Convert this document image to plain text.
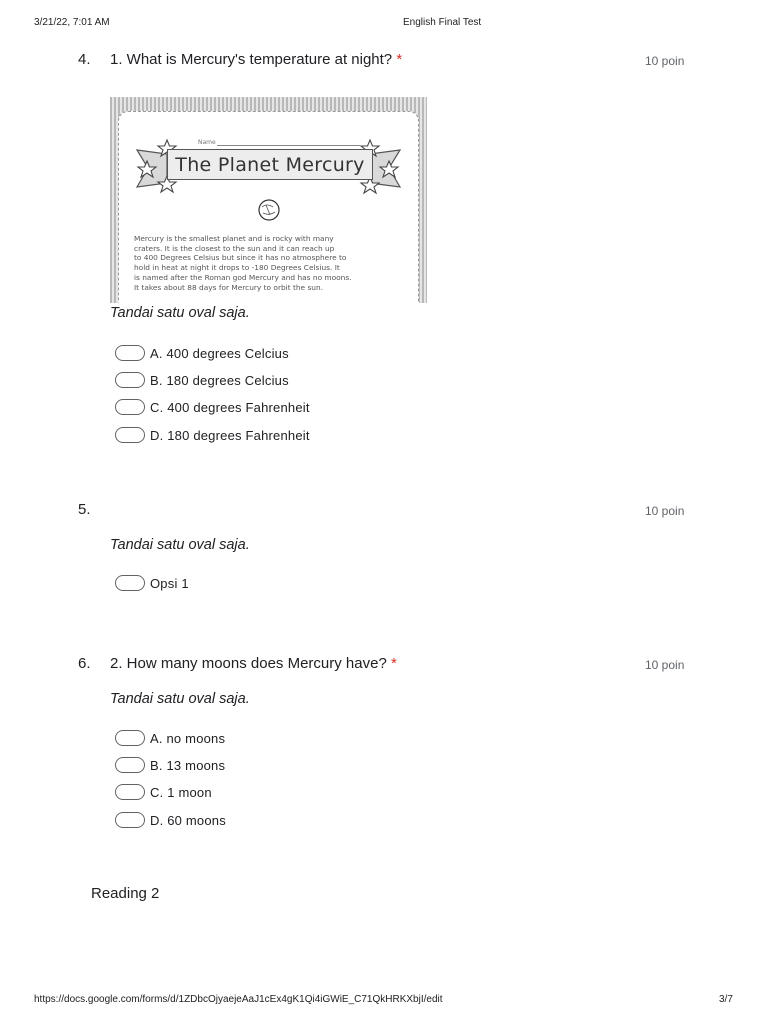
3/21/22, 7:01 AM	English Final Test
4. 1. What is Mercury's temperature at night? *	10 poin
Name
The Planet Mercury
Mercury is the smallest planet and is rocky with many
craters. It is the closest to the sun and it can reach up
to 400 Degrees Celsius but since it has no atmosphere to
hold in heat at night it drops to -180 Degrees Celsius. It
is named after the Roman god Mercury and has no moons.
It takes about 88 days for Mercury to orbit the sun.
Tandai satu oval saja.
A. 400 degrees Celcius
B. 180 degrees Celcius
C. 400 degrees Fahrenheit
D. 180 degrees Fahrenheit
5.	10 poin
Tandai satu oval saja.
Opsi 1
6. 2. How many moons does Mercury have? *	10 poin
Tandai satu oval saja.
A. no moons
B. 13 moons
C. 1 moon
D. 60 moons
Reading 2
https://docs.google.com/forms/d/1ZDbcOjyaejeAaJ1cEx4gK1Qi4iGWiE_C71QkHRKXbjI/edit	3/7
